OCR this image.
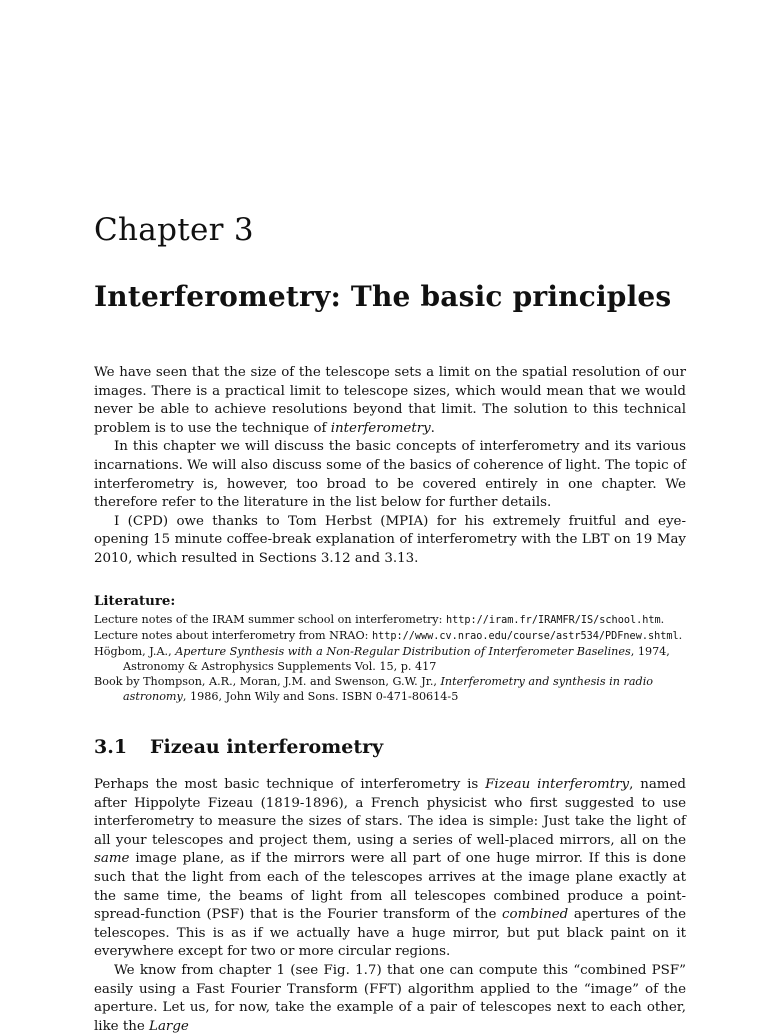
Chapter 3
Interferometry: The basic principles

We have seen that the size of the telescope sets a limit on the spatial resolution of our images. There is a practical limit to telescope sizes, which would mean that we would never be able to achieve resolutions beyond that limit. The solution to this technical problem is to use the technique of interferometry.

In this chapter we will discuss the basic concepts of interferometry and its various incarnations. We will also discuss some of the basics of coherence of light. The topic of interferometry is, however, too broad to be covered entirely in one chapter. We therefore refer to the literature in the list below for further details.

I (CPD) owe thanks to Tom Herbst (MPIA) for his extremely fruitful and eye-opening 15 minute coffee-break explanation of interferometry with the LBT on 19 May 2010, which resulted in Sections 3.12 and 3.13.

Literature:

Lecture notes of the IRAM summer school on interferometry: http://iram.fr/IRAMFR/IS/school.htm.

Lecture notes about interferometry from NRAO: http://www.cv.nrao.edu/course/astr534/PDFnew.shtml.

Högbom, J.A., Aperture Synthesis with a Non-Regular Distribution of Interferometer Baselines, 1974, Astronomy & Astrophysics Supplements Vol. 15, p. 417

Book by Thompson, A.R., Moran, J.M. and Swenson, G.W. Jr., Interferometry and synthesis in radio astronomy, 1986, John Wily and Sons. ISBN 0-471-80614-5

3.1 Fizeau interferometry

Perhaps the most basic technique of interferometry is Fizeau interferomtry, named after Hippolyte Fizeau (1819-1896), a French physicist who first suggested to use interferometry to measure the sizes of stars. The idea is simple: Just take the light of all your telescopes and project them, using a series of well-placed mirrors, all on the same image plane, as if the mirrors were all part of one huge mirror. If this is done such that the light from each of the telescopes arrives at the image plane exactly at the same time, the beams of light from all telescopes combined produce a point-spread-function (PSF) that is the Fourier transform of the combined apertures of the telescopes. This is as if we actually have a huge mirror, but put black paint on it everywhere except for two or more circular regions.

We know from chapter 1 (see Fig. 1.7) that one can compute this “combined PSF” easily using a Fast Fourier Transform (FFT) algorithm applied to the “image” of the aperture. Let us, for now, take the example of a pair of telescopes next to each other, like the Large
